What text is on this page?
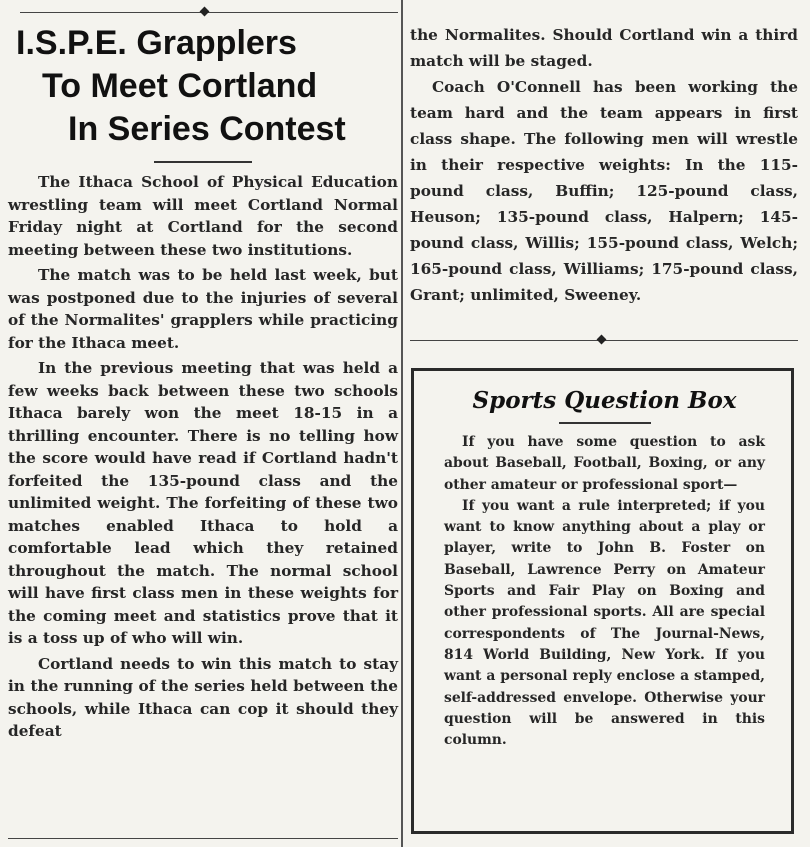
I.S.P.E. Grapplers
To Meet Cortland
In Series Contest

The Ithaca School of Physical Education wrestling team will meet Cortland Normal Friday night at Cortland for the second meeting between these two institutions.

The match was to be held last week, but was postponed due to the injuries of several of the Normalites' grapplers while practicing for the Ithaca meet.

In the previous meeting that was held a few weeks back between these two schools Ithaca barely won the meet 18-15 in a thrilling encounter. There is no telling how the score would have read if Cortland hadn't forfeited the 135-pound class and the unlimited weight. The forfeiting of these two matches enabled Ithaca to hold a comfortable lead which they retained throughout the match. The normal school will have first class men in these weights for the coming meet and statistics prove that it is a toss up of who will win.

Cortland needs to win this match to stay in the running of the series held between the schools, while Ithaca can cop it should they defeat

the Normalites. Should Cortland win a third match will be staged.

Coach O'Connell has been working the team hard and the team appears in first class shape. The following men will wrestle in their respective weights: In the 115-pound class, Buffin; 125-pound class, Heuson; 135-pound class, Halpern; 145-pound class, Willis; 155-pound class, Welch; 165-pound class, Williams; 175-pound class, Grant; unlimited, Sweeney.

Sports Question Box

If you have some question to ask about Baseball, Football, Boxing, or any other amateur or professional sport—

If you want a rule interpreted; if you want to know anything about a play or player, write to John B. Foster on Baseball, Lawrence Perry on Amateur Sports and Fair Play on Boxing and other professional sports. All are special correspondents of The Journal-News, 814 World Building, New York. If you want a personal reply enclose a stamped, self-addressed envelope. Otherwise your question will be answered in this column.
